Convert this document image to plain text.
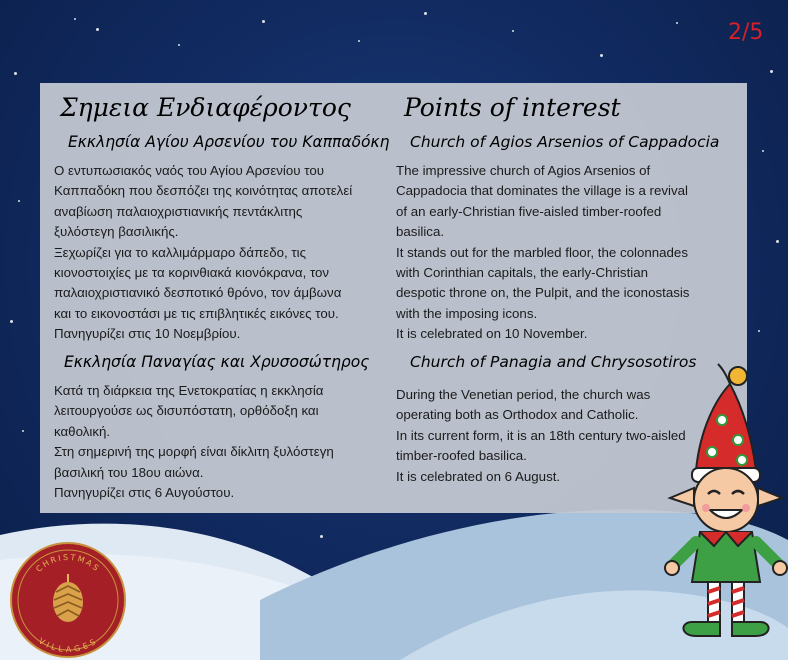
2/5
Σημεια Ενδιαφέροντος
Εκκλησία Αγίου Αρσενίου του Καππαδόκη
Ο εντυπωσιακός ναός του Αγίου Αρσενίου του
Καππαδόκη που δεσπόζει της κοινότητας αποτελεί
αναβίωση παλαιοχριστιανικής πεντάκλιτης
ξυλόστεγη βασιλικής.
Ξεχωρίζει για το καλλιμάρμαρο δάπεδο, τις
κιονοστοιχίες με τα κορινθιακά κιονόκρανα, τον
παλαιοχριστιανικό δεσποτικό θρόνο, τον άμβωνα
και το εικονοστάσι με τις επιβλητικές εικόνες του.
Πανηγυρίζει στις 10 Νοεμβρίου.
Εκκλησία Παναγίας και Χρυσοσώτηρος
Κατά τη διάρκεια της Ενετοκρατίας η εκκλησία
λειτουργούσε ως δισυπόστατη, ορθόδοξη και
καθολική.
Στη σημερινή της μορφή είναι δίκλιτη ξυλόστεγη
βασιλική του 18ου αιώνα.
Πανηγυρίζει στις 6 Αυγούστου.
Points of interest
Church of Agios Arsenios of Cappadocia
The impressive church of Agios Arsenios of
Cappadocia that dominates the village is a revival
of an early-Christian five-aisled timber-roofed
basilica.
It stands out for the marbled floor, the colonnades
with Corinthian capitals, the early-Christian
despotic throne on, the Pulpit, and the iconostasis
with the imposing icons.
It is celebrated on 10 November.
Church of Panagia and Chrysosotiros
During the Venetian period, the church was
operating both as Orthodox and Catholic.
In its current form, it is an 18th century two-aisled
timber-roofed basilica.
It is celebrated on 6 August.
CHRISTMAS
VILLAGES
